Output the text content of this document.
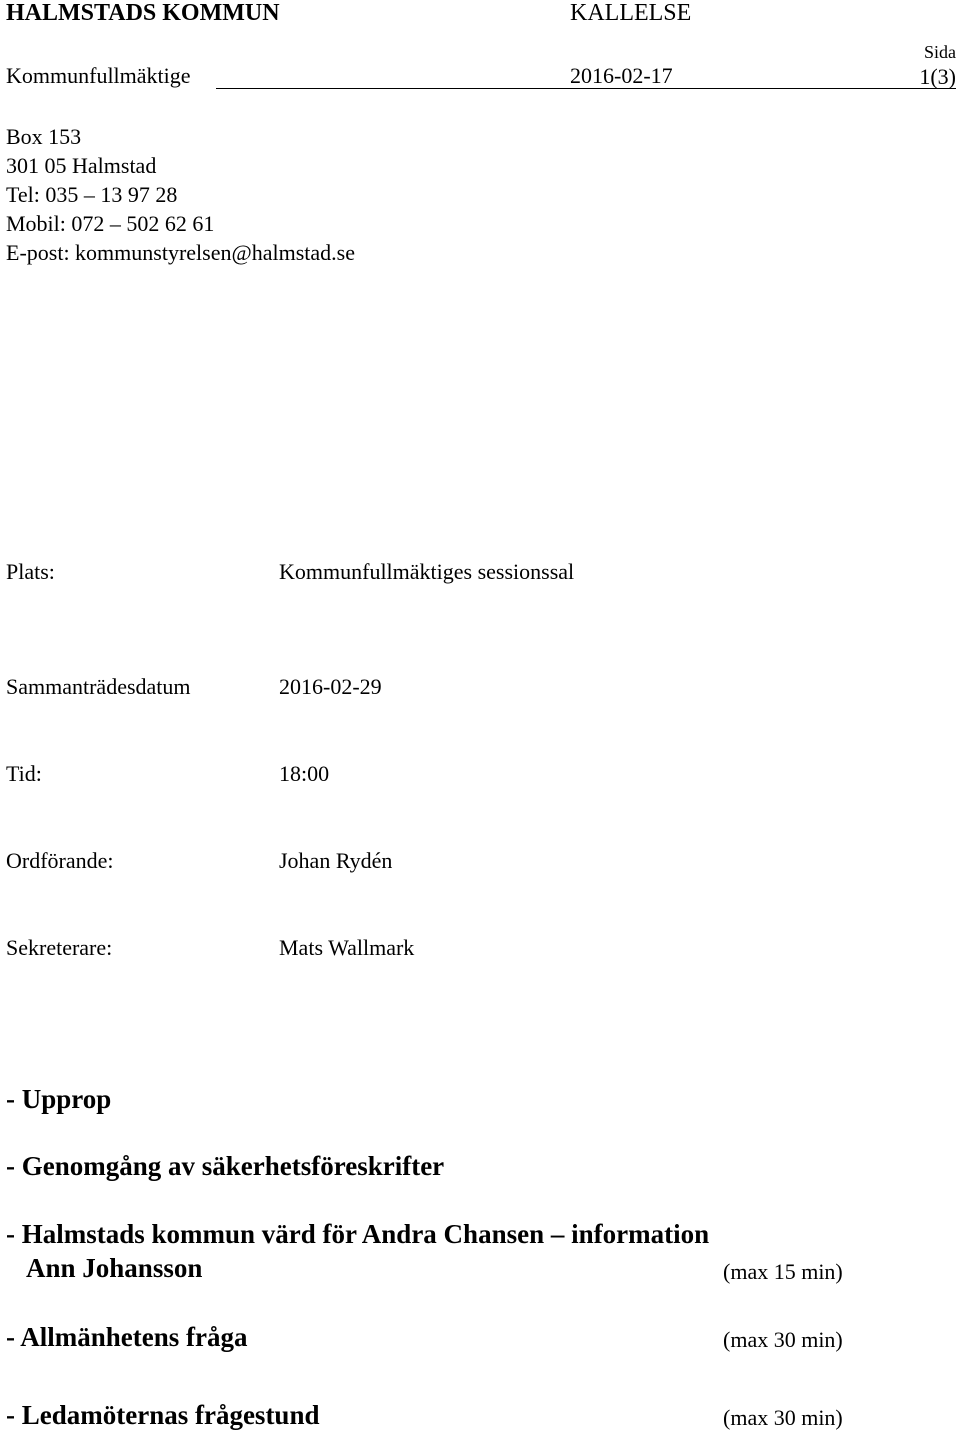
HALMSTADS KOMMUN	KALLELSE
Sida
Kommunfullmäktige	2016-02-17	1(3)
Box 153
301 05 Halmstad
Tel: 035 – 13 97 28
Mobil: 072 – 502 62 61
E-post: kommunstyrelsen@halmstad.se
Plats:	Kommunfullmäktiges sessionssal
Sammanträdesdatum	2016-02-29
Tid:	18:00
Ordförande:	Johan Rydén
Sekreterare:	Mats Wallmark
- Upprop
- Genomgång av säkerhetsföreskrifter
- Halmstads kommun värd för Andra Chansen – information
Ann Johansson	(max 15 min)
- Allmänhetens fråga	(max 30 min)
- Ledamöternas frågestund	(max 30 min)
